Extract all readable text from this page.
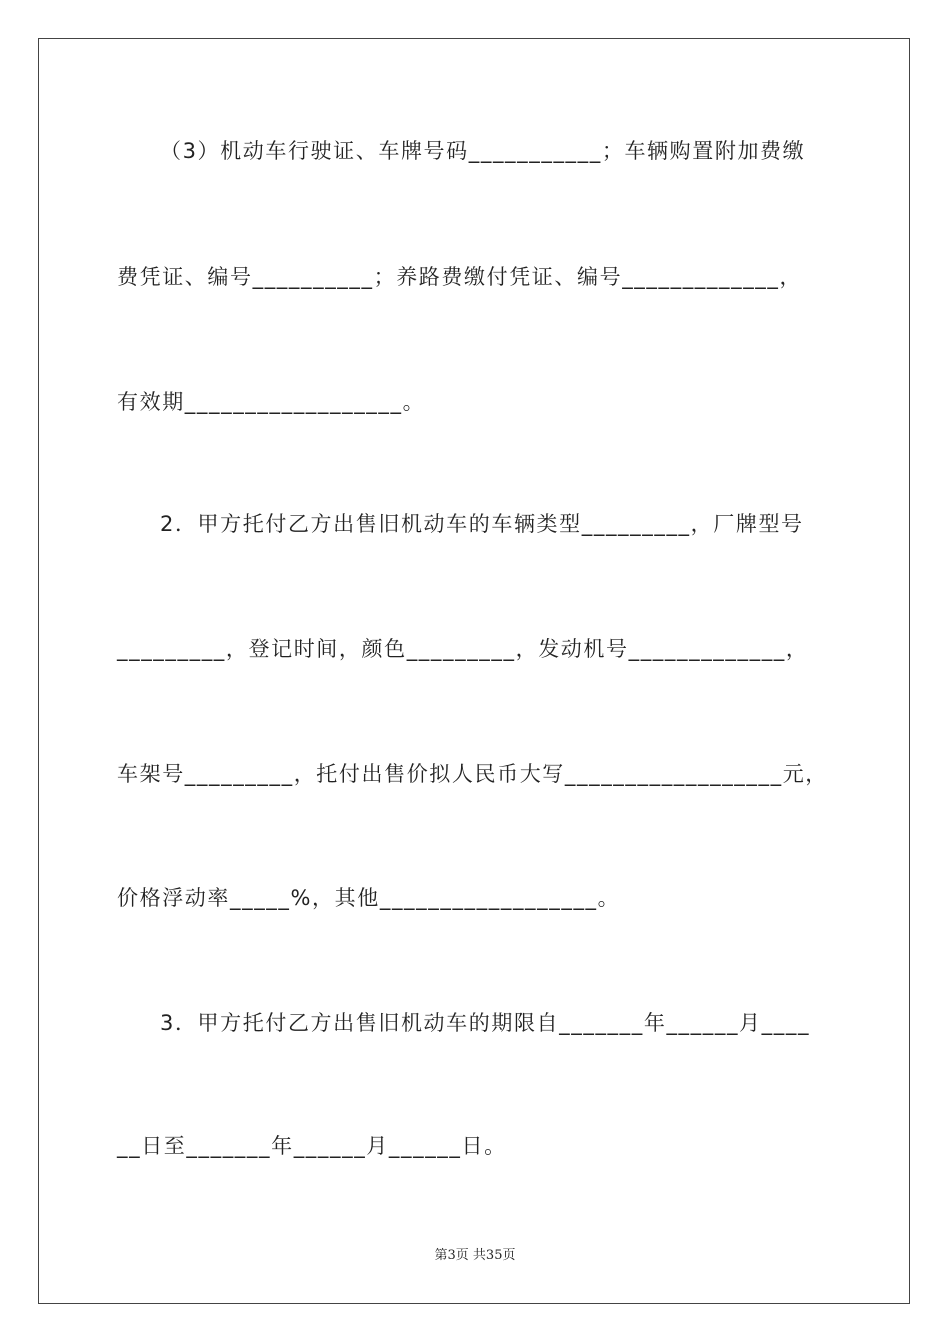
（3）机动车行驶证、车牌号码___________；车辆购置附加费缴

费凭证、编号__________；养路费缴付凭证、编号_____________，

有效期__________________。

2．甲方托付乙方出售旧机动车的车辆类型_________，厂牌型号

_________，登记时间，颜色_________，发动机号_____________，

车架号_________，托付出售价拟人民币大写__________________元，

价格浮动率_____%，其他__________________。

3．甲方托付乙方出售旧机动车的期限自_______年______月____

__日至_______年______月______日。

第3页 共35页
